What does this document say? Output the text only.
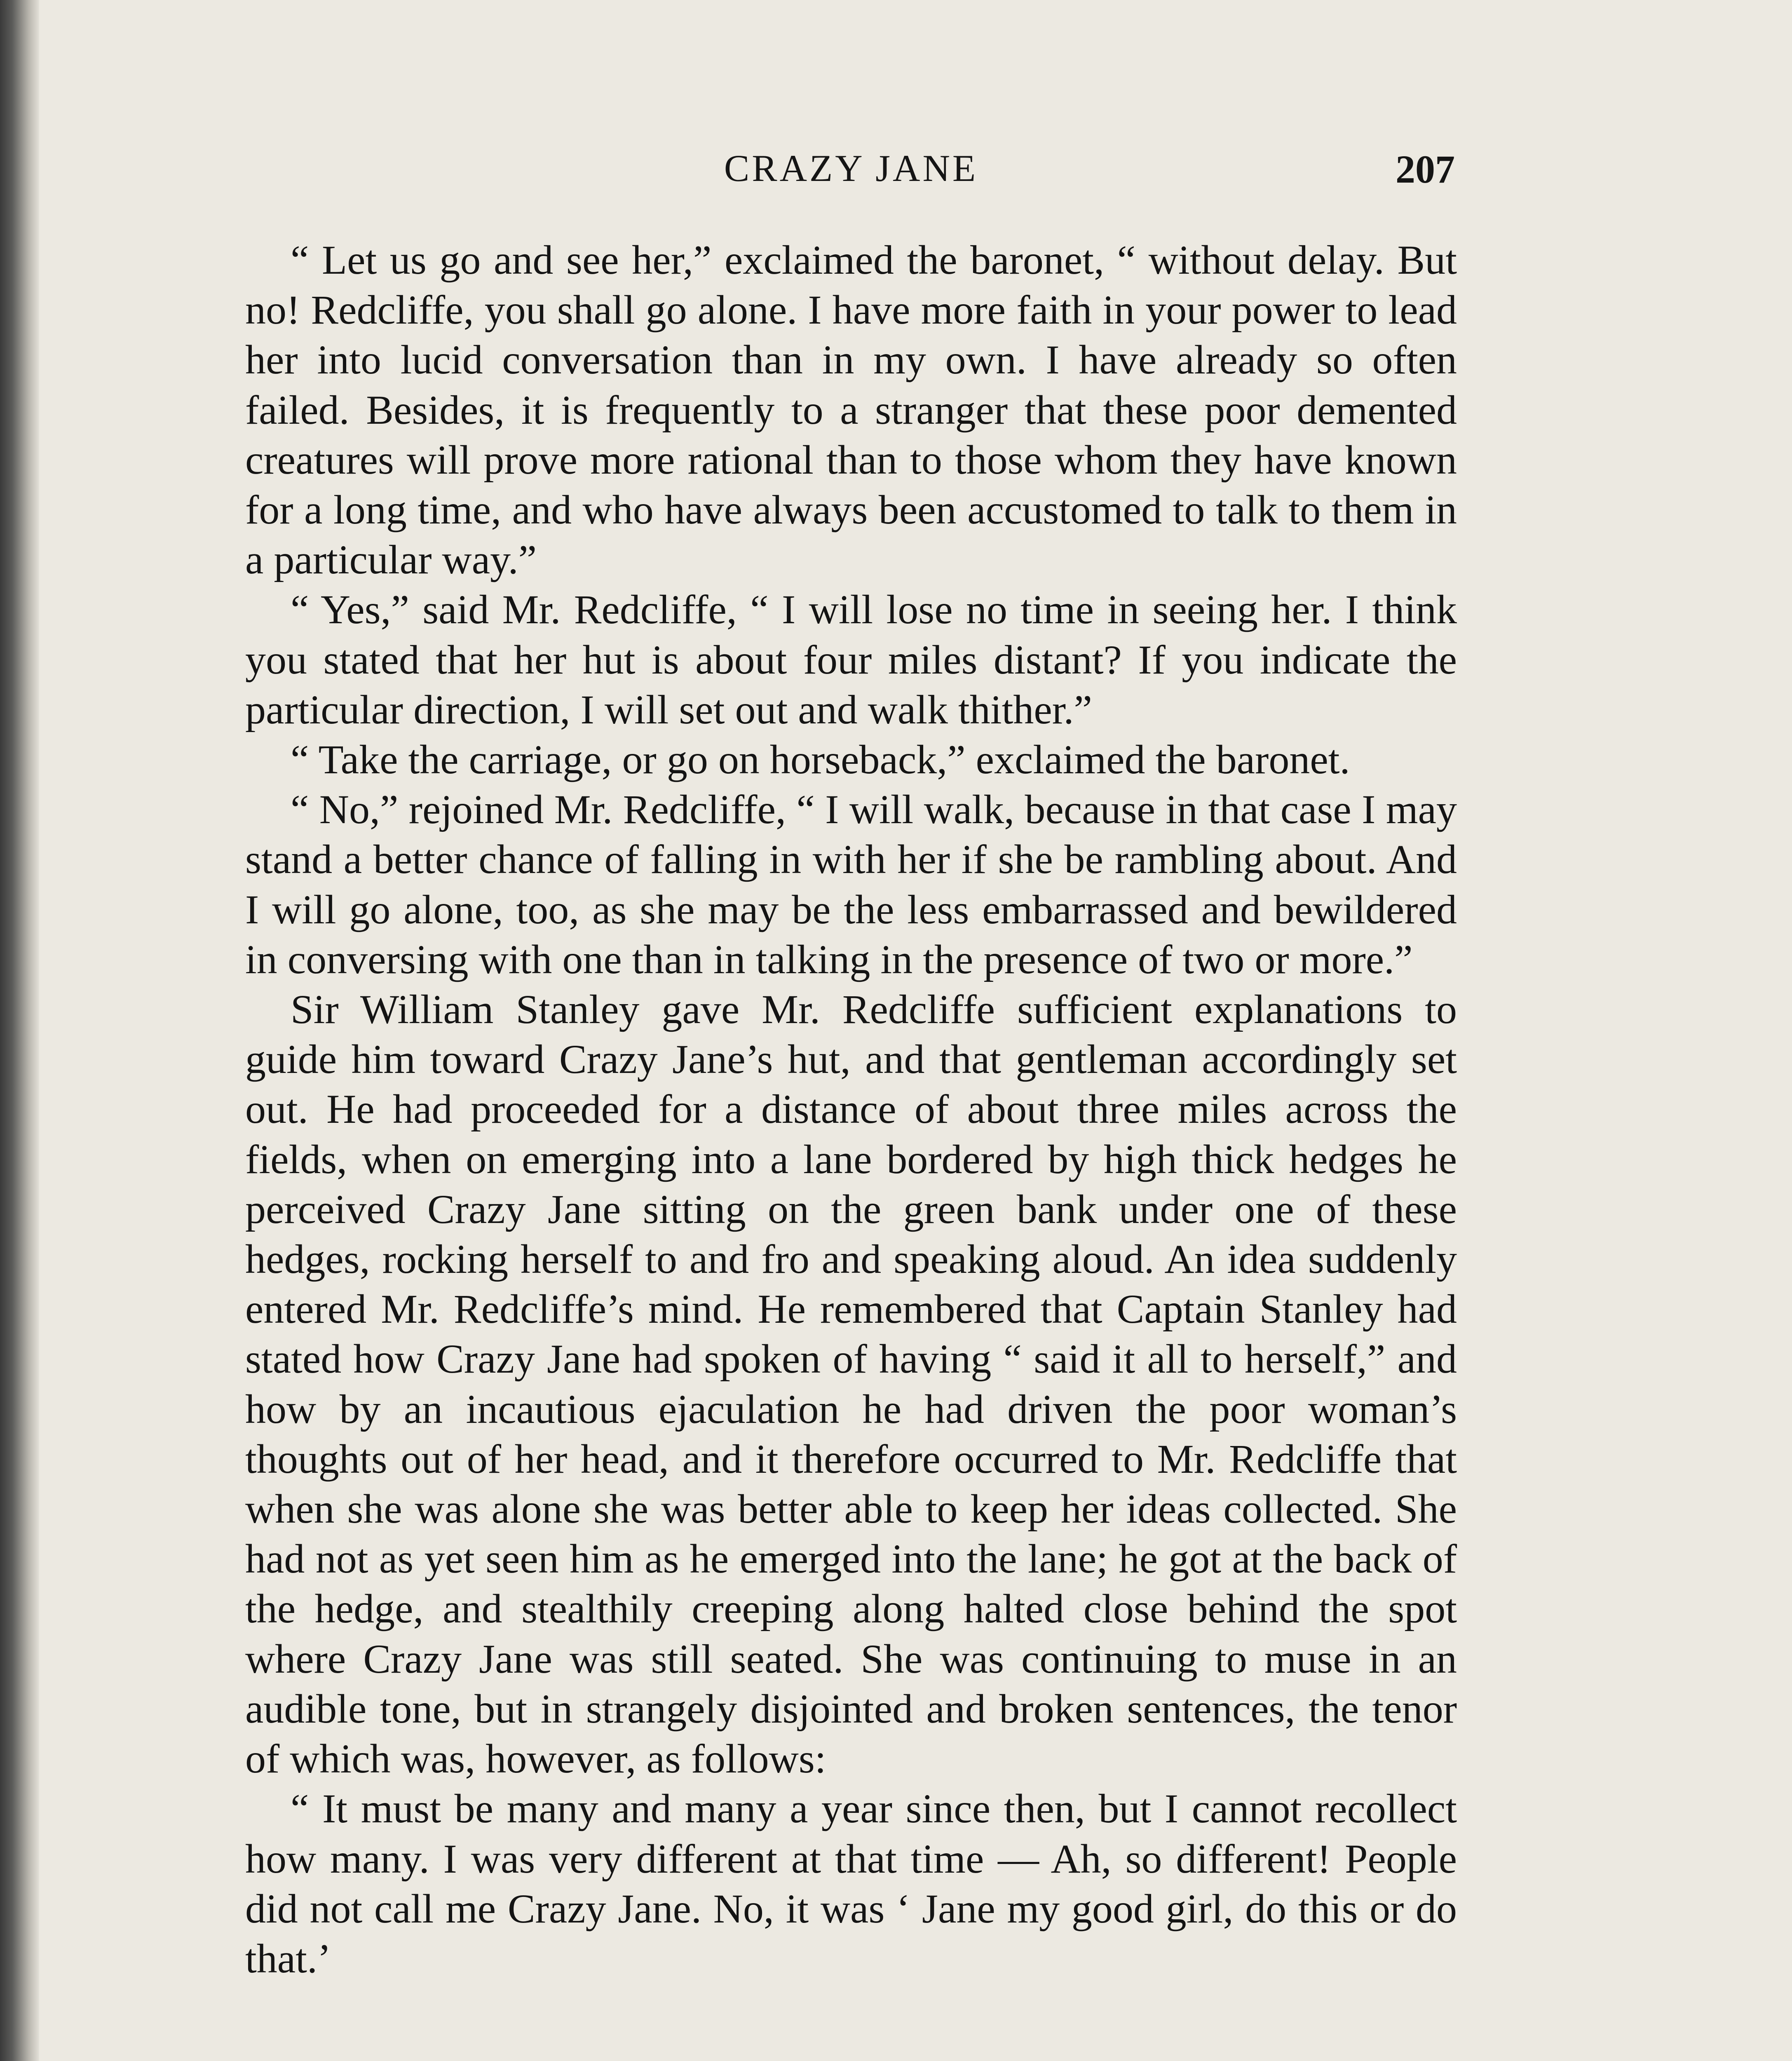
CRAZY JANE	207

“ Let us go and see her,” exclaimed the baronet, “ without delay. But no! Redcliffe, you shall go alone. I have more faith in your power to lead her into lucid conversation than in my own. I have already so often failed. Besides, it is frequently to a stranger that these poor demented creatures will prove more rational than to those whom they have known for a long time, and who have always been accustomed to talk to them in a particular way.”

“ Yes,” said Mr. Redcliffe, “ I will lose no time in seeing her. I think you stated that her hut is about four miles distant? If you indicate the particular direction, I will set out and walk thither.”

“ Take the carriage, or go on horseback,” exclaimed the baronet.

“ No,” rejoined Mr. Redcliffe, “ I will walk, because in that case I may stand a better chance of falling in with her if she be rambling about. And I will go alone, too, as she may be the less embarrassed and bewildered in conversing with one than in talking in the presence of two or more.”

Sir William Stanley gave Mr. Redcliffe sufficient explanations to guide him toward Crazy Jane’s hut, and that gentleman accordingly set out. He had proceeded for a distance of about three miles across the fields, when on emerging into a lane bordered by high thick hedges he perceived Crazy Jane sitting on the green bank under one of these hedges, rocking herself to and fro and speaking aloud. An idea suddenly entered Mr. Redcliffe’s mind. He remembered that Captain Stanley had stated how Crazy Jane had spoken of having “ said it all to herself,” and how by an incautious ejaculation he had driven the poor woman’s thoughts out of her head, and it therefore occurred to Mr. Redcliffe that when she was alone she was better able to keep her ideas collected. She had not as yet seen him as he emerged into the lane; he got at the back of the hedge, and stealthily creeping along halted close behind the spot where Crazy Jane was still seated. She was continuing to muse in an audible tone, but in strangely disjointed and broken sentences, the tenor of which was, however, as follows:

“ It must be many and many a year since then, but I cannot recollect how many. I was very different at that time — Ah, so different! People did not call me Crazy Jane. No, it was ‘ Jane my good girl, do this or do that.’
